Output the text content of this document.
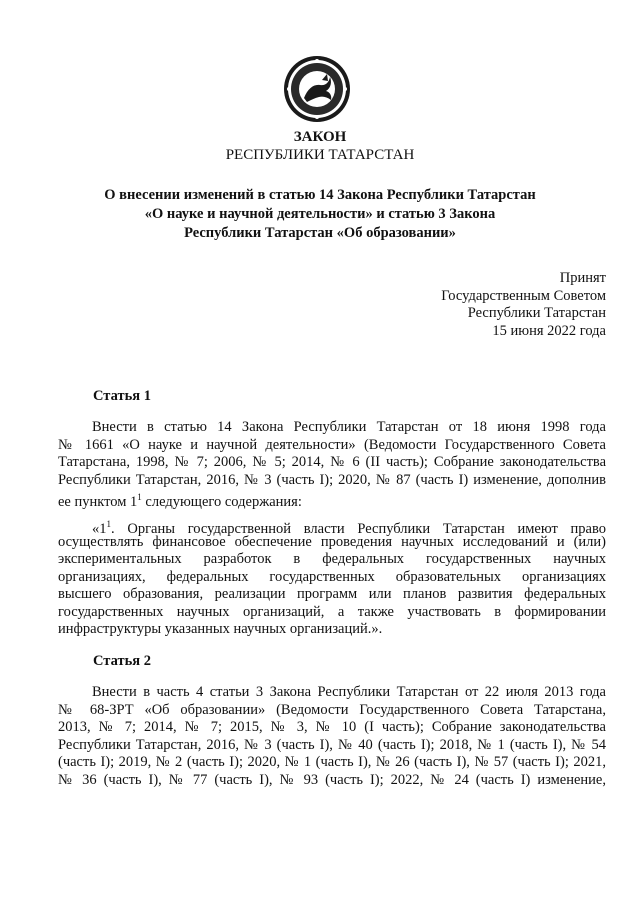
ЗАКОН
РЕСПУБЛИКИ ТАТАРСТАН
О внесении изменений в статью 14 Закона Республики Татарстан
«О науке и научной деятельности» и статью 3 Закона
Республики Татарстан «Об образовании»
Принят
Государственным Советом
Республики Татарстан
15 июня 2022 года
Статья 1
Внести в статью 14 Закона Республики Татарстан от 18 июня 1998 года
№ 1661 «О науке и научной деятельности» (Ведомости Государственного Совета
Татарстана, 1998, № 7; 2006, № 5; 2014, № 6 (II часть); Собрание законодательства
Республики Татарстан, 2016, № 3 (часть I); 2020, № 87 (часть I) изменение, дополнив
ее пунктом $1^1$ следующего содержания:
«$1^1$. Органы государственной власти Республики Татарстан имеют право
осуществлять финансовое обеспечение проведения научных исследований и (или)
экспериментальных разработок в федеральных государственных научных
организациях, федеральных государственных образовательных организациях
высшего образования, реализации программ или планов развития федеральных
государственных научных организаций, а также участвовать в формировании
инфраструктуры указанных научных организаций.».
Статья 2
Внести в часть 4 статьи 3 Закона Республики Татарстан от 22 июля 2013 года
№ 68-ЗРТ «Об образовании» (Ведомости Государственного Совета Татарстана,
2013, № 7; 2014, № 7; 2015, № 3, № 10 (I часть); Собрание законодательства
Республики Татарстан, 2016, № 3 (часть I), № 40 (часть I); 2018, № 1 (часть I), № 54
(часть I); 2019, № 2 (часть I); 2020, № 1 (часть I), № 26 (часть I), № 57 (часть I); 2021,
№ 36 (часть I), № 77 (часть I), № 93 (часть I); 2022, № 24 (часть I) изменение,
